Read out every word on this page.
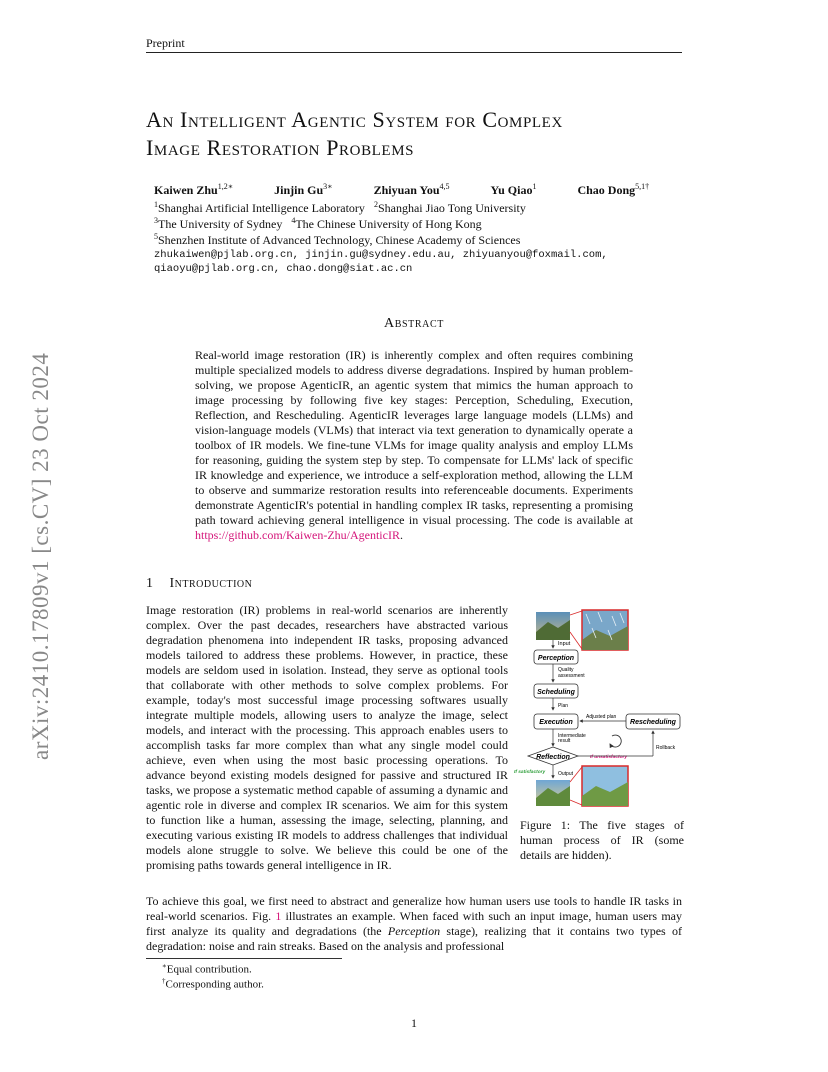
Preprint
arXiv:2410.17809v1 [cs.CV] 23 Oct 2024
An Intelligent Agentic System for Complex
Image Restoration Problems
Kaiwen Zhu$^{1,2∗}$	Jinjin $Gu^{3∗}$	Zhiyuan You$^{4,5}$	Yu Qiao$^1$	Chao Dong$^{5,1\dagger}$
$^1$Shanghai Artificial Intelligence Laboratory $^2$Shanghai Jiao Tong University
$^3$The University of Sydney $^4$The Chinese University of Hong Kong
$^5$Shenzhen Institute of Advanced Technology, Chinese Academy of Sciences
zhukaiwen@pjlab.org.cn, jinjin.gu@sydney.edu.au, zhiyuanyou@foxmail.com,
qiaoyu@pjlab.org.cn, chao.dong@siat.ac.cn
Abstract
Real-world image restoration (IR) is inherently complex and often requires combining multiple specialized models to address diverse degradations. Inspired by human problem-solving, we propose AgenticIR, an agentic system that mimics the human approach to image processing by following five key stages: Perception, Scheduling, Execution, Reflection, and Rescheduling. AgenticIR leverages large language models (LLMs) and vision-language models (VLMs) that interact via text generation to dynamically operate a toolbox of IR models. We fine-tune VLMs for image quality analysis and employ LLMs for reasoning, guiding the system step by step. To compensate for LLMs' lack of specific IR knowledge and experience, we introduce a self-exploration method, allowing the LLM to observe and summarize restoration results into referenceable documents. Experiments demonstrate AgenticIR's potential in handling complex IR tasks, representing a promising path toward achieving general intelligence in visual processing. The code is available at https://github.com/Kaiwen-Zhu/AgenticIR.
1 Introduction
Image restoration (IR) problems in real-world scenarios are inherently complex. Over the past decades, researchers have abstracted various degradation phenomena into independent IR tasks, proposing advanced models tailored to address these problems. However, in practice, these models are seldom used in isolation. Instead, they serve as optional tools that collaborate with other methods to solve complex problems. For example, today's most successful image processing softwares usually integrate multiple models, allowing users to analyze the image, select models, and interact with the processing. This approach enables users to accomplish tasks far more complex than what any single model could achieve, even when using the most basic processing operations. To advance beyond existing models designed for passive and structured IR tasks, we propose a systematic method capable of assuming a dynamic and agentic role in diverse and complex IR scenarios. We aim for this system to function like a human, assessing the image, selecting, planning, and executing various existing IR models to address challenges that individual models alone struggle to solve. We believe this could be one of the promising paths towards general intelligence in IR.
Input
Perception
Quality
assessment
Scheduling
Plan
Execution	Rescheduling
Adjusted plan
Intermediate
result
Reflection	If unsatisfactory
Rollback
If satisfactory	Output
Figure 1: The five stages of human process of IR (some details are hidden).
To achieve this goal, we first need to abstract and generalize how human users use tools to handle IR tasks in real-world scenarios. Fig. 1 illustrates an example. When faced with such an input image, human users may first analyze its quality and degradations (the Perception stage), realizing that it contains two types of degradation: noise and rain streaks. Based on the analysis and professional
∗Equal contribution.
†Corresponding author.
1
